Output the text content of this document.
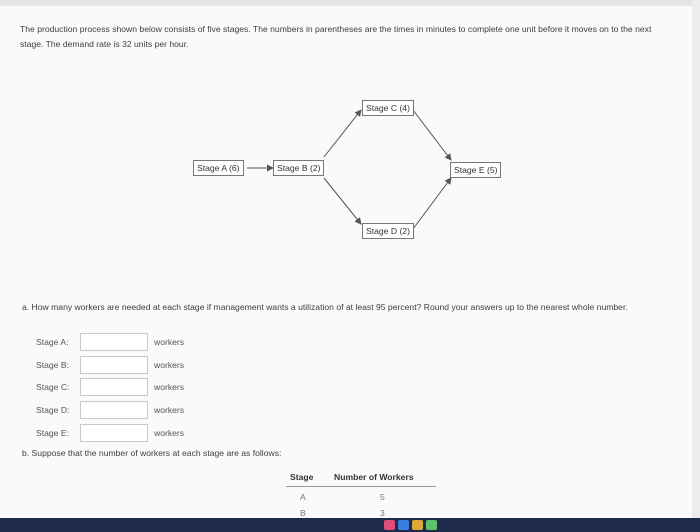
The production process shown below consists of five stages. The numbers in parentheses are the times in minutes to complete one unit before it moves on to the next stage. The demand rate is 32 units per hour.
Stage A (6)	Stage B (2)
Stage C (4)
Stage D (2)
Stage E (5)
a. How many workers are needed at each stage if management wants a utilization of at least 95 percent? Round your answers up to the nearest whole number.
Stage A:	workers
Stage B:	workers
Stage C:	workers
Stage D:	workers
Stage E:	workers
b. Suppose that the number of workers at each stage are as follows:
Stage Number of Workers
A	5
B	3
